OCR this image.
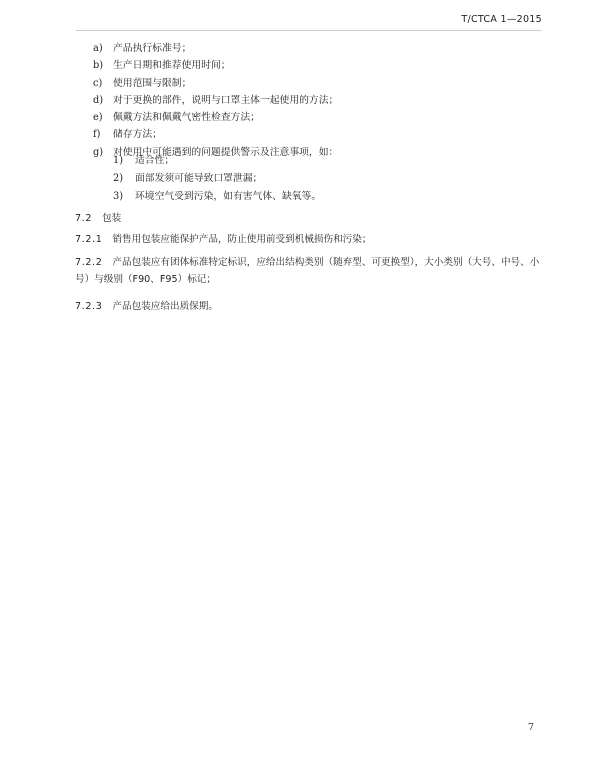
T/CTCA 1—2015
a)	产品执行标准号；
b)	生产日期和推荐使用时间；
c)	使用范围与限制；
d)	对于更换的部件，说明与口罩主体一起使用的方法；
e)	佩戴方法和佩戴气密性检查方法；
f)	储存方法；
g)	对使用中可能遇到的问题提供警示及注意事项，如：
1)	适合性；
2)	面部发须可能导致口罩泄漏；
3)	环境空气受到污染，如有害气体、缺氧等。
7.2 包装
7.2.1 销售用包装应能保护产品，防止使用前受到机械损伤和污染；
7.2.2 产品包装应有团体标准特定标识，应给出结构类别（随弃型、可更换型），大小类别（大号、中号、小号）与级别（F90、F95）标记；
7.2.3 产品包装应给出质保期。
7
